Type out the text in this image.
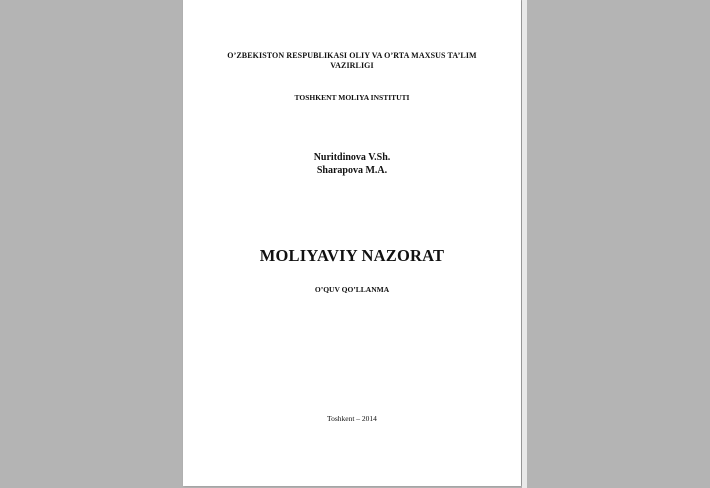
O’ZBEKISTON RESPUBLIKASI OLIY VA O’RTA MAXSUS TA’LIM
VAZIRLIGI
TOSHKENT MOLIYA INSTITUTI
Nuritdinova V.Sh.
Sharapova M.A.
MOLIYAVIY NAZORAT
O’QUV QO’LLANMA
Toshkent – 2014
